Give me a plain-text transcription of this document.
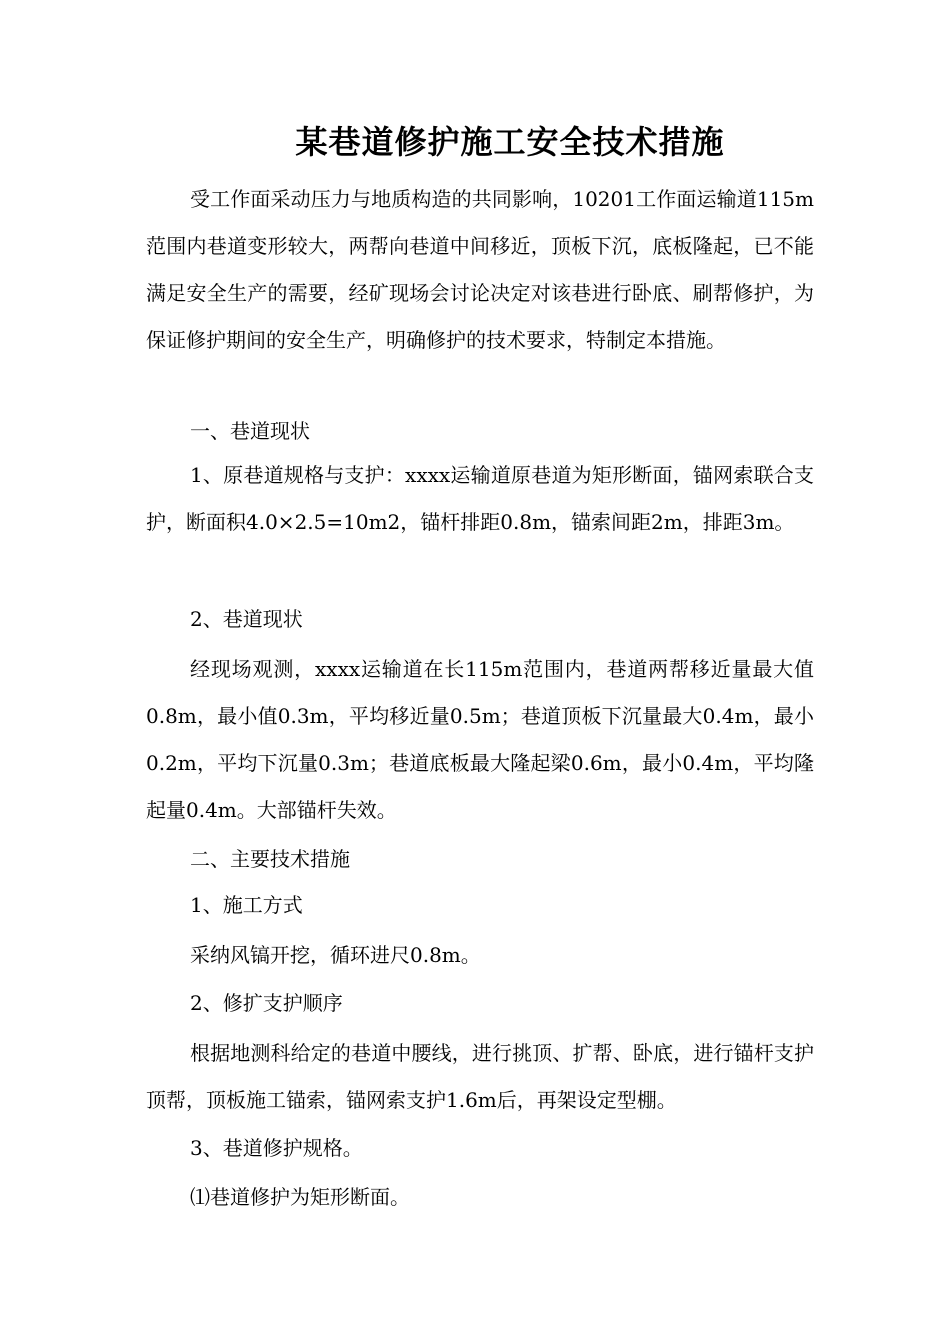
某巷道修护施工安全技术措施

受工作面采动压力与地质构造的共同影响，10201工作面运输道115m范围内巷道变形较大，两帮向巷道中间移近，顶板下沉，底板隆起，已不能满足安全生产的需要，经矿现场会讨论决定对该巷进行卧底、刷帮修护，为保证修护期间的安全生产，明确修护的技术要求，特制定本措施。

一、巷道现状

1、原巷道规格与支护：xxxx运输道原巷道为矩形断面，锚网索联合支护，断面积4.0×2.5=10m2，锚杆排距0.8m，锚索间距2m，排距3m。

2、巷道现状

经现场观测，xxxx运输道在长115m范围内，巷道两帮移近量最大值0.8m，最小值0.3m，平均移近量0.5m；巷道顶板下沉量最大0.4m，最小0.2m，平均下沉量0.3m；巷道底板最大隆起梁0.6m，最小0.4m，平均隆起量0.4m。大部锚杆失效。

二、主要技术措施

1、施工方式

采纳风镐开挖，循环进尺0.8m。

2、修扩支护顺序

根据地测科给定的巷道中腰线，进行挑顶、扩帮、卧底，进行锚杆支护顶帮，顶板施工锚索，锚网索支护1.6m后，再架设定型棚。

3、巷道修护规格。

⑴巷道修护为矩形断面。
